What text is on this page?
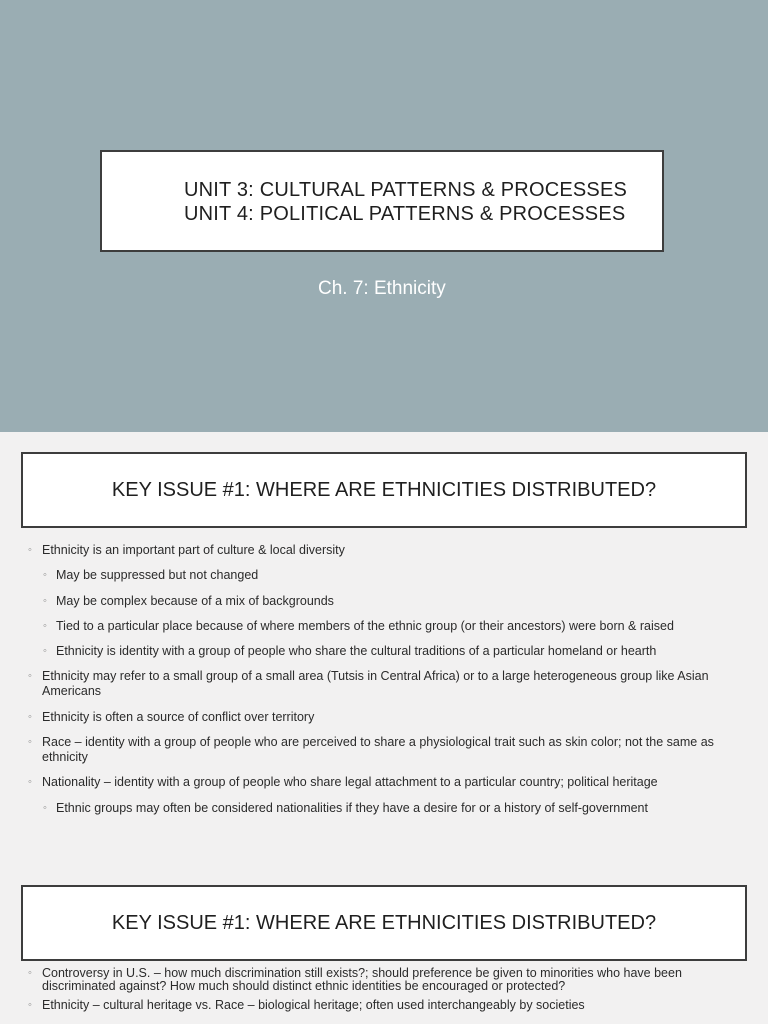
UNIT 3: CULTURAL PATTERNS & PROCESSES
UNIT 4: POLITICAL PATTERNS & PROCESSES
Ch. 7: Ethnicity
KEY ISSUE #1: WHERE ARE ETHNICITIES DISTRIBUTED?
◦ Ethnicity is an important part of culture & local diversity
◦ May be suppressed but not changed
◦ May be complex because of a mix of backgrounds
◦ Tied to a particular place because of where members of the ethnic group (or their ancestors) were born & raised
◦ Ethnicity is identity with a group of people who share the cultural traditions of a particular homeland or hearth
◦ Ethnicity may refer to a small group of a small area (Tutsis in Central Africa) or to a large heterogeneous group like Asian Americans
◦ Ethnicity is often a source of conflict over territory
◦ Race – identity with a group of people who are perceived to share a physiological trait such as skin color; not the same as ethnicity
◦ Nationality – identity with a group of people who share legal attachment to a particular country; political heritage
◦ Ethnic groups may often be considered nationalities if they have a desire for or a history of self-government
KEY ISSUE #1: WHERE ARE ETHNICITIES DISTRIBUTED?
◦ Controversy in U.S. – how much discrimination still exists?; should preference be given to minorities who have been discriminated against? How much should distinct ethnic identities be encouraged or protected?
◦ Ethnicity – cultural heritage vs. Race – biological heritage; often used interchangeably by societies
